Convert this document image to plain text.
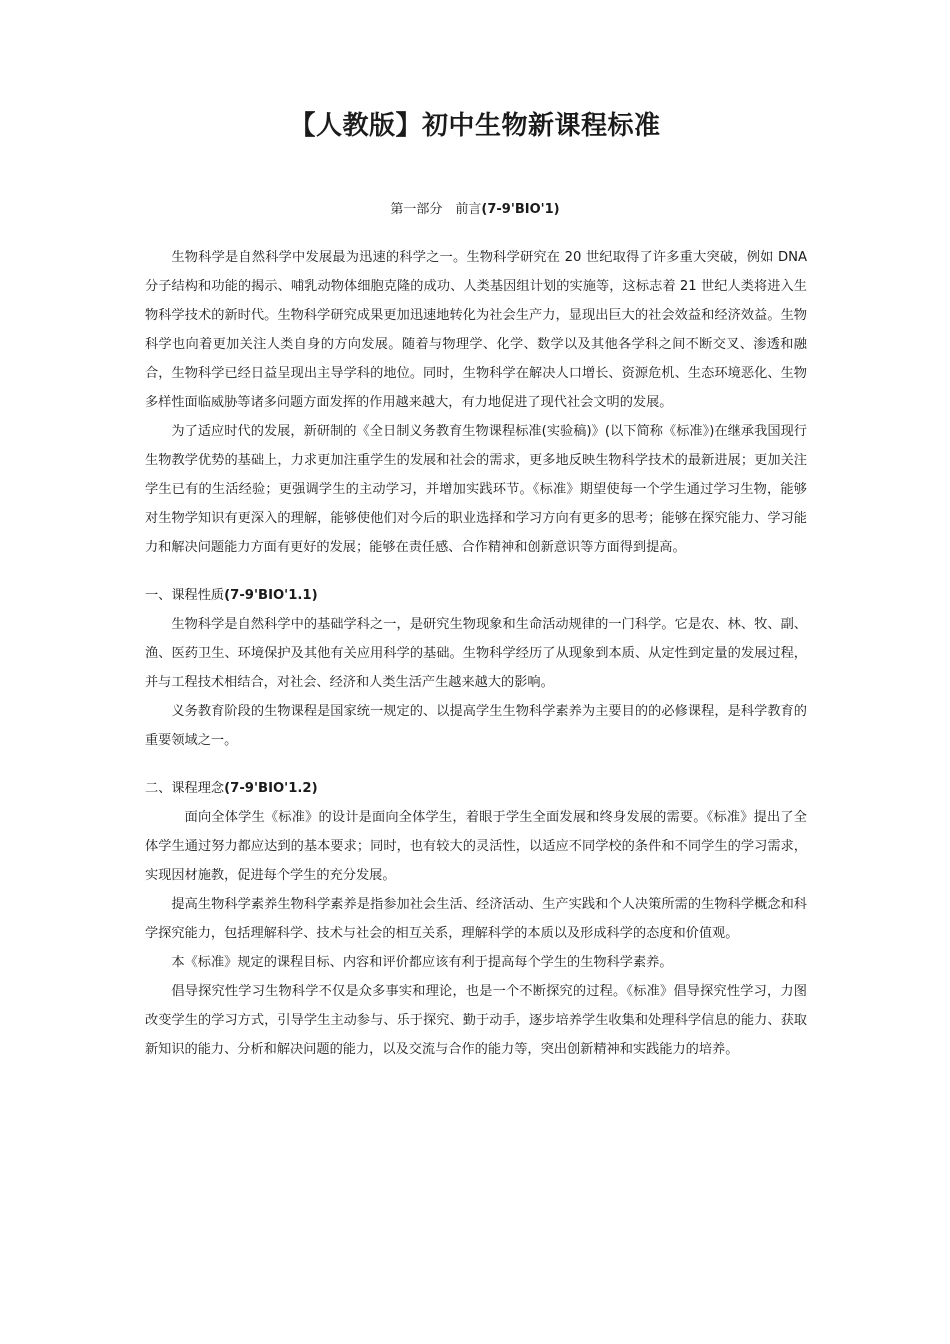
【人教版】初中生物新课程标准
第一部分　前言(7-9'BIO'1)

生物科学是自然科学中发展最为迅速的科学之一。生物科学研究在 20 世纪取得了许多重大突破，例如 DNA 分子结构和功能的揭示、哺乳动物体细胞克隆的成功、人类基因组计划的实施等，这标志着 21 世纪人类将进入生物科学技术的新时代。生物科学研究成果更加迅速地转化为社会生产力，显现出巨大的社会效益和经济效益。生物科学也向着更加关注人类自身的方向发展。随着与物理学、化学、数学以及其他各学科之间不断交叉、渗透和融合，生物科学已经日益呈现出主导学科的地位。同时，生物科学在解决人口增长、资源危机、生态环境恶化、生物多样性面临威胁等诸多问题方面发挥的作用越来越大，有力地促进了现代社会文明的发展。

为了适应时代的发展，新研制的《全日制义务教育生物课程标准(实验稿)》(以下简称《标准》)在继承我国现行生物教学优势的基础上，力求更加注重学生的发展和社会的需求，更多地反映生物科学技术的最新进展；更加关注学生已有的生活经验；更强调学生的主动学习，并增加实践环节。《标准》期望使每一个学生通过学习生物，能够对生物学知识有更深入的理解，能够使他们对今后的职业选择和学习方向有更多的思考；能够在探究能力、学习能力和解决问题能力方面有更好的发展；能够在责任感、合作精神和创新意识等方面得到提高。

一、课程性质(7-9'BIO'1.1)

生物科学是自然科学中的基础学科之一，是研究生物现象和生命活动规律的一门科学。它是农、林、牧、副、渔、医药卫生、环境保护及其他有关应用科学的基础。生物科学经历了从现象到本质、从定性到定量的发展过程，并与工程技术相结合，对社会、经济和人类生活产生越来越大的影响。

义务教育阶段的生物课程是国家统一规定的、以提高学生生物科学素养为主要目的的必修课程，是科学教育的重要领域之一。

二、课程理念(7-9'BIO'1.2)

面向全体学生《标准》的设计是面向全体学生，着眼于学生全面发展和终身发展的需要。《标准》提出了全体学生通过努力都应达到的基本要求；同时，也有较大的灵活性，以适应不同学校的条件和不同学生的学习需求，实现因材施教，促进每个学生的充分发展。

提高生物科学素养生物科学素养是指参加社会生活、经济活动、生产实践和个人决策所需的生物科学概念和科学探究能力，包括理解科学、技术与社会的相互关系，理解科学的本质以及形成科学的态度和价值观。

本《标准》规定的课程目标、内容和评价都应该有利于提高每个学生的生物科学素养。

倡导探究性学习生物科学不仅是众多事实和理论，也是一个不断探究的过程。《标准》倡导探究性学习，力图改变学生的学习方式，引导学生主动参与、乐于探究、勤于动手，逐步培养学生收集和处理科学信息的能力、获取新知识的能力、分析和解决问题的能力，以及交流与合作的能力等，突出创新精神和实践能力的培养。
